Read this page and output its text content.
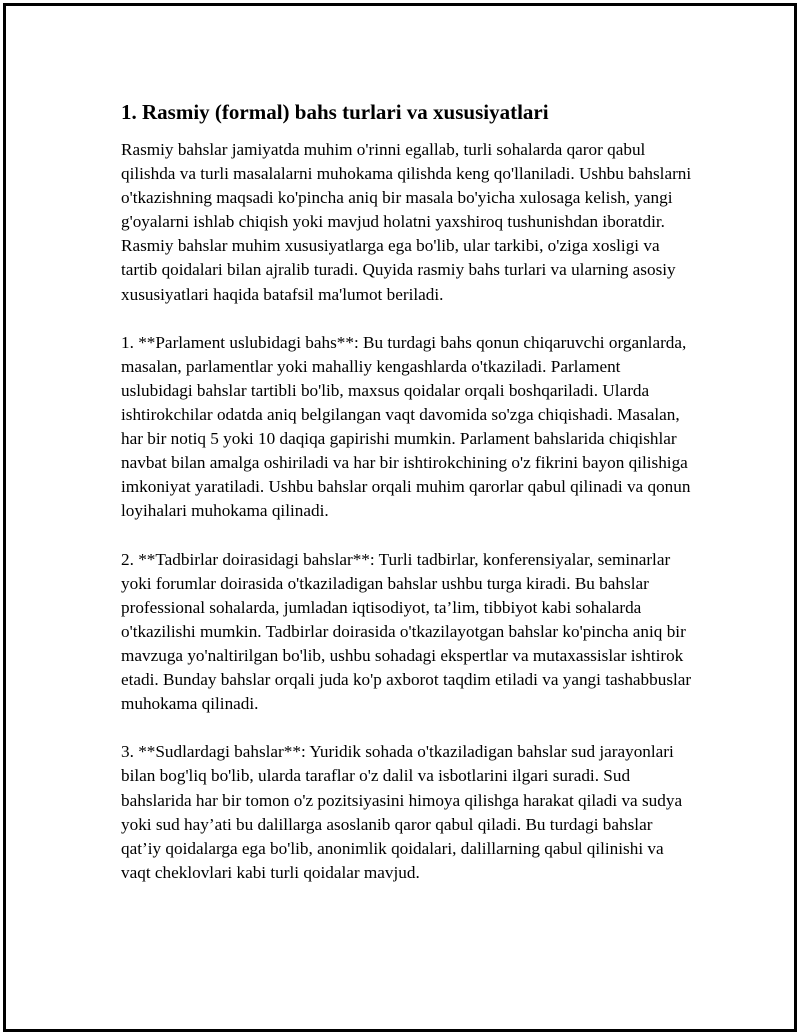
1. Rasmiy (formal) bahs turlari va xususiyatlari

Rasmiy bahslar jamiyatda muhim o'rinni egallab, turli sohalarda qaror qabul qilishda va turli masalalarni muhokama qilishda keng qo'llaniladi. Ushbu bahslarni o'tkazishning maqsadi ko'pincha aniq bir masala bo'yicha xulosaga kelish, yangi g'oyalarni ishlab chiqish yoki mavjud holatni yaxshiroq tushunishdan iboratdir. Rasmiy bahslar muhim xususiyatlarga ega bo'lib, ular tarkibi, o'ziga xosligi va tartib qoidalari bilan ajralib turadi. Quyida rasmiy bahs turlari va ularning asosiy xususiyatlari haqida batafsil ma'lumot beriladi.

1. **Parlament uslubidagi bahs**: Bu turdagi bahs qonun chiqaruvchi organlarda, masalan, parlamentlar yoki mahalliy kengashlarda o'tkaziladi. Parlament uslubidagi bahslar tartibli bo'lib, maxsus qoidalar orqali boshqariladi. Ularda ishtirokchilar odatda aniq belgilangan vaqt davomida so'zga chiqishadi. Masalan, har bir notiq 5 yoki 10 daqiqa gapirishi mumkin. Parlament bahslarida chiqishlar navbat bilan amalga oshiriladi va har bir ishtirokchining o'z fikrini bayon qilishiga imkoniyat yaratiladi. Ushbu bahslar orqali muhim qarorlar qabul qilinadi va qonun loyihalari muhokama qilinadi.

2. **Tadbirlar doirasidagi bahslar**: Turli tadbirlar, konferensiyalar, seminarlar yoki forumlar doirasida o'tkaziladigan bahslar ushbu turga kiradi. Bu bahslar professional sohalarda, jumladan iqtisodiyot, ta’lim, tibbiyot kabi sohalarda o'tkazilishi mumkin. Tadbirlar doirasida o'tkazilayotgan bahslar ko'pincha aniq bir mavzuga yo'naltirilgan bo'lib, ushbu sohadagi ekspertlar va mutaxassislar ishtirok etadi. Bunday bahslar orqali juda ko'p axborot taqdim etiladi va yangi tashabbuslar muhokama qilinadi.

3. **Sudlardagi bahslar**: Yuridik sohada o'tkaziladigan bahslar sud jarayonlari bilan bog'liq bo'lib, ularda taraflar o'z dalil va isbotlarini ilgari suradi. Sud bahslarida har bir tomon o'z pozitsiyasini himoya qilishga harakat qiladi va sudya yoki sud hay’ati bu dalillarga asoslanib qaror qabul qiladi. Bu turdagi bahslar qat’iy qoidalarga ega bo'lib, anonimlik qoidalari, dalillarning qabul qilinishi va vaqt cheklovlari kabi turli qoidalar mavjud.
